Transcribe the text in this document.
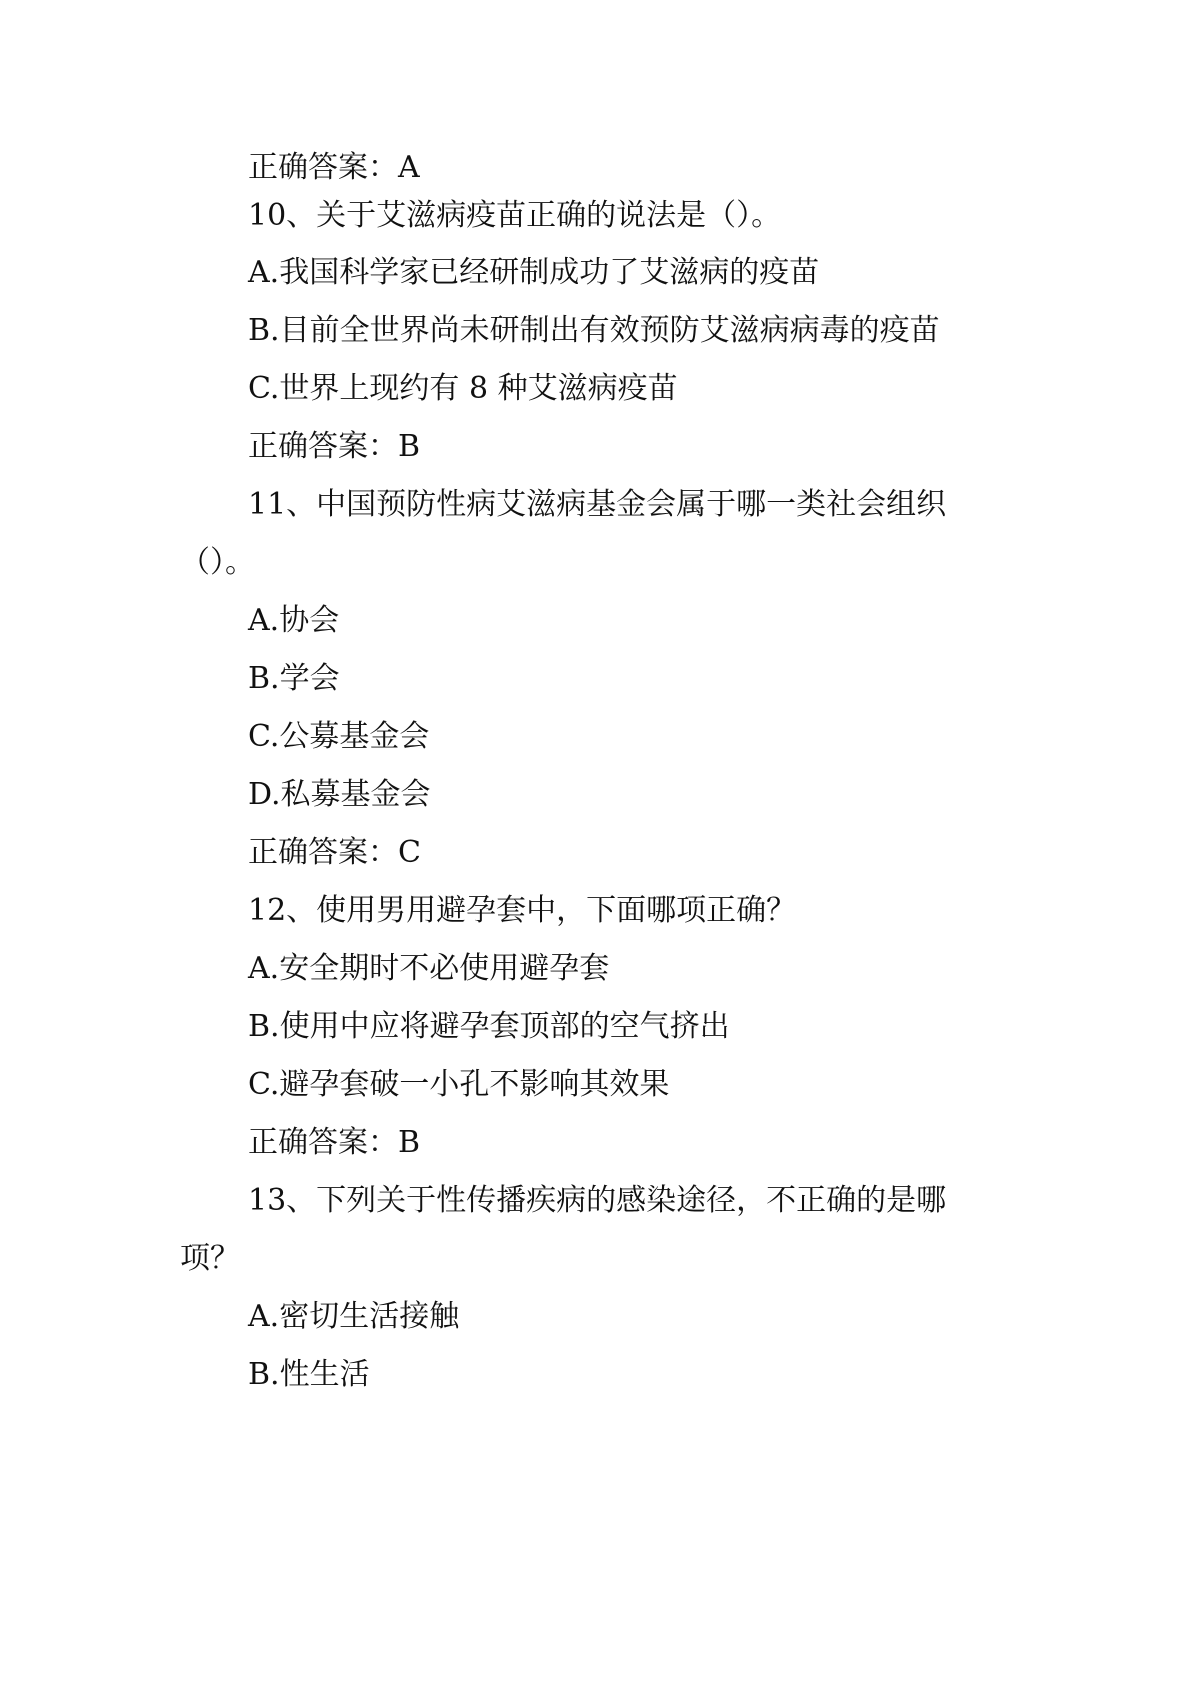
正确答案：A
10、关于艾滋病疫苗正确的说法是（）。
A.我国科学家已经研制成功了艾滋病的疫苗
B.目前全世界尚未研制出有效预防艾滋病病毒的疫苗
C.世界上现约有 8 种艾滋病疫苗
正确答案：B
11、中国预防性病艾滋病基金会属于哪一类社会组织
（）。
A.协会
B.学会
C.公募基金会
D.私募基金会
正确答案：C
12、使用男用避孕套中，下面哪项正确？
A.安全期时不必使用避孕套
B.使用中应将避孕套顶部的空气挤出
C.避孕套破一小孔不影响其效果
正确答案：B
13、下列关于性传播疾病的感染途径，不正确的是哪
项？
A.密切生活接触
B.性生活
